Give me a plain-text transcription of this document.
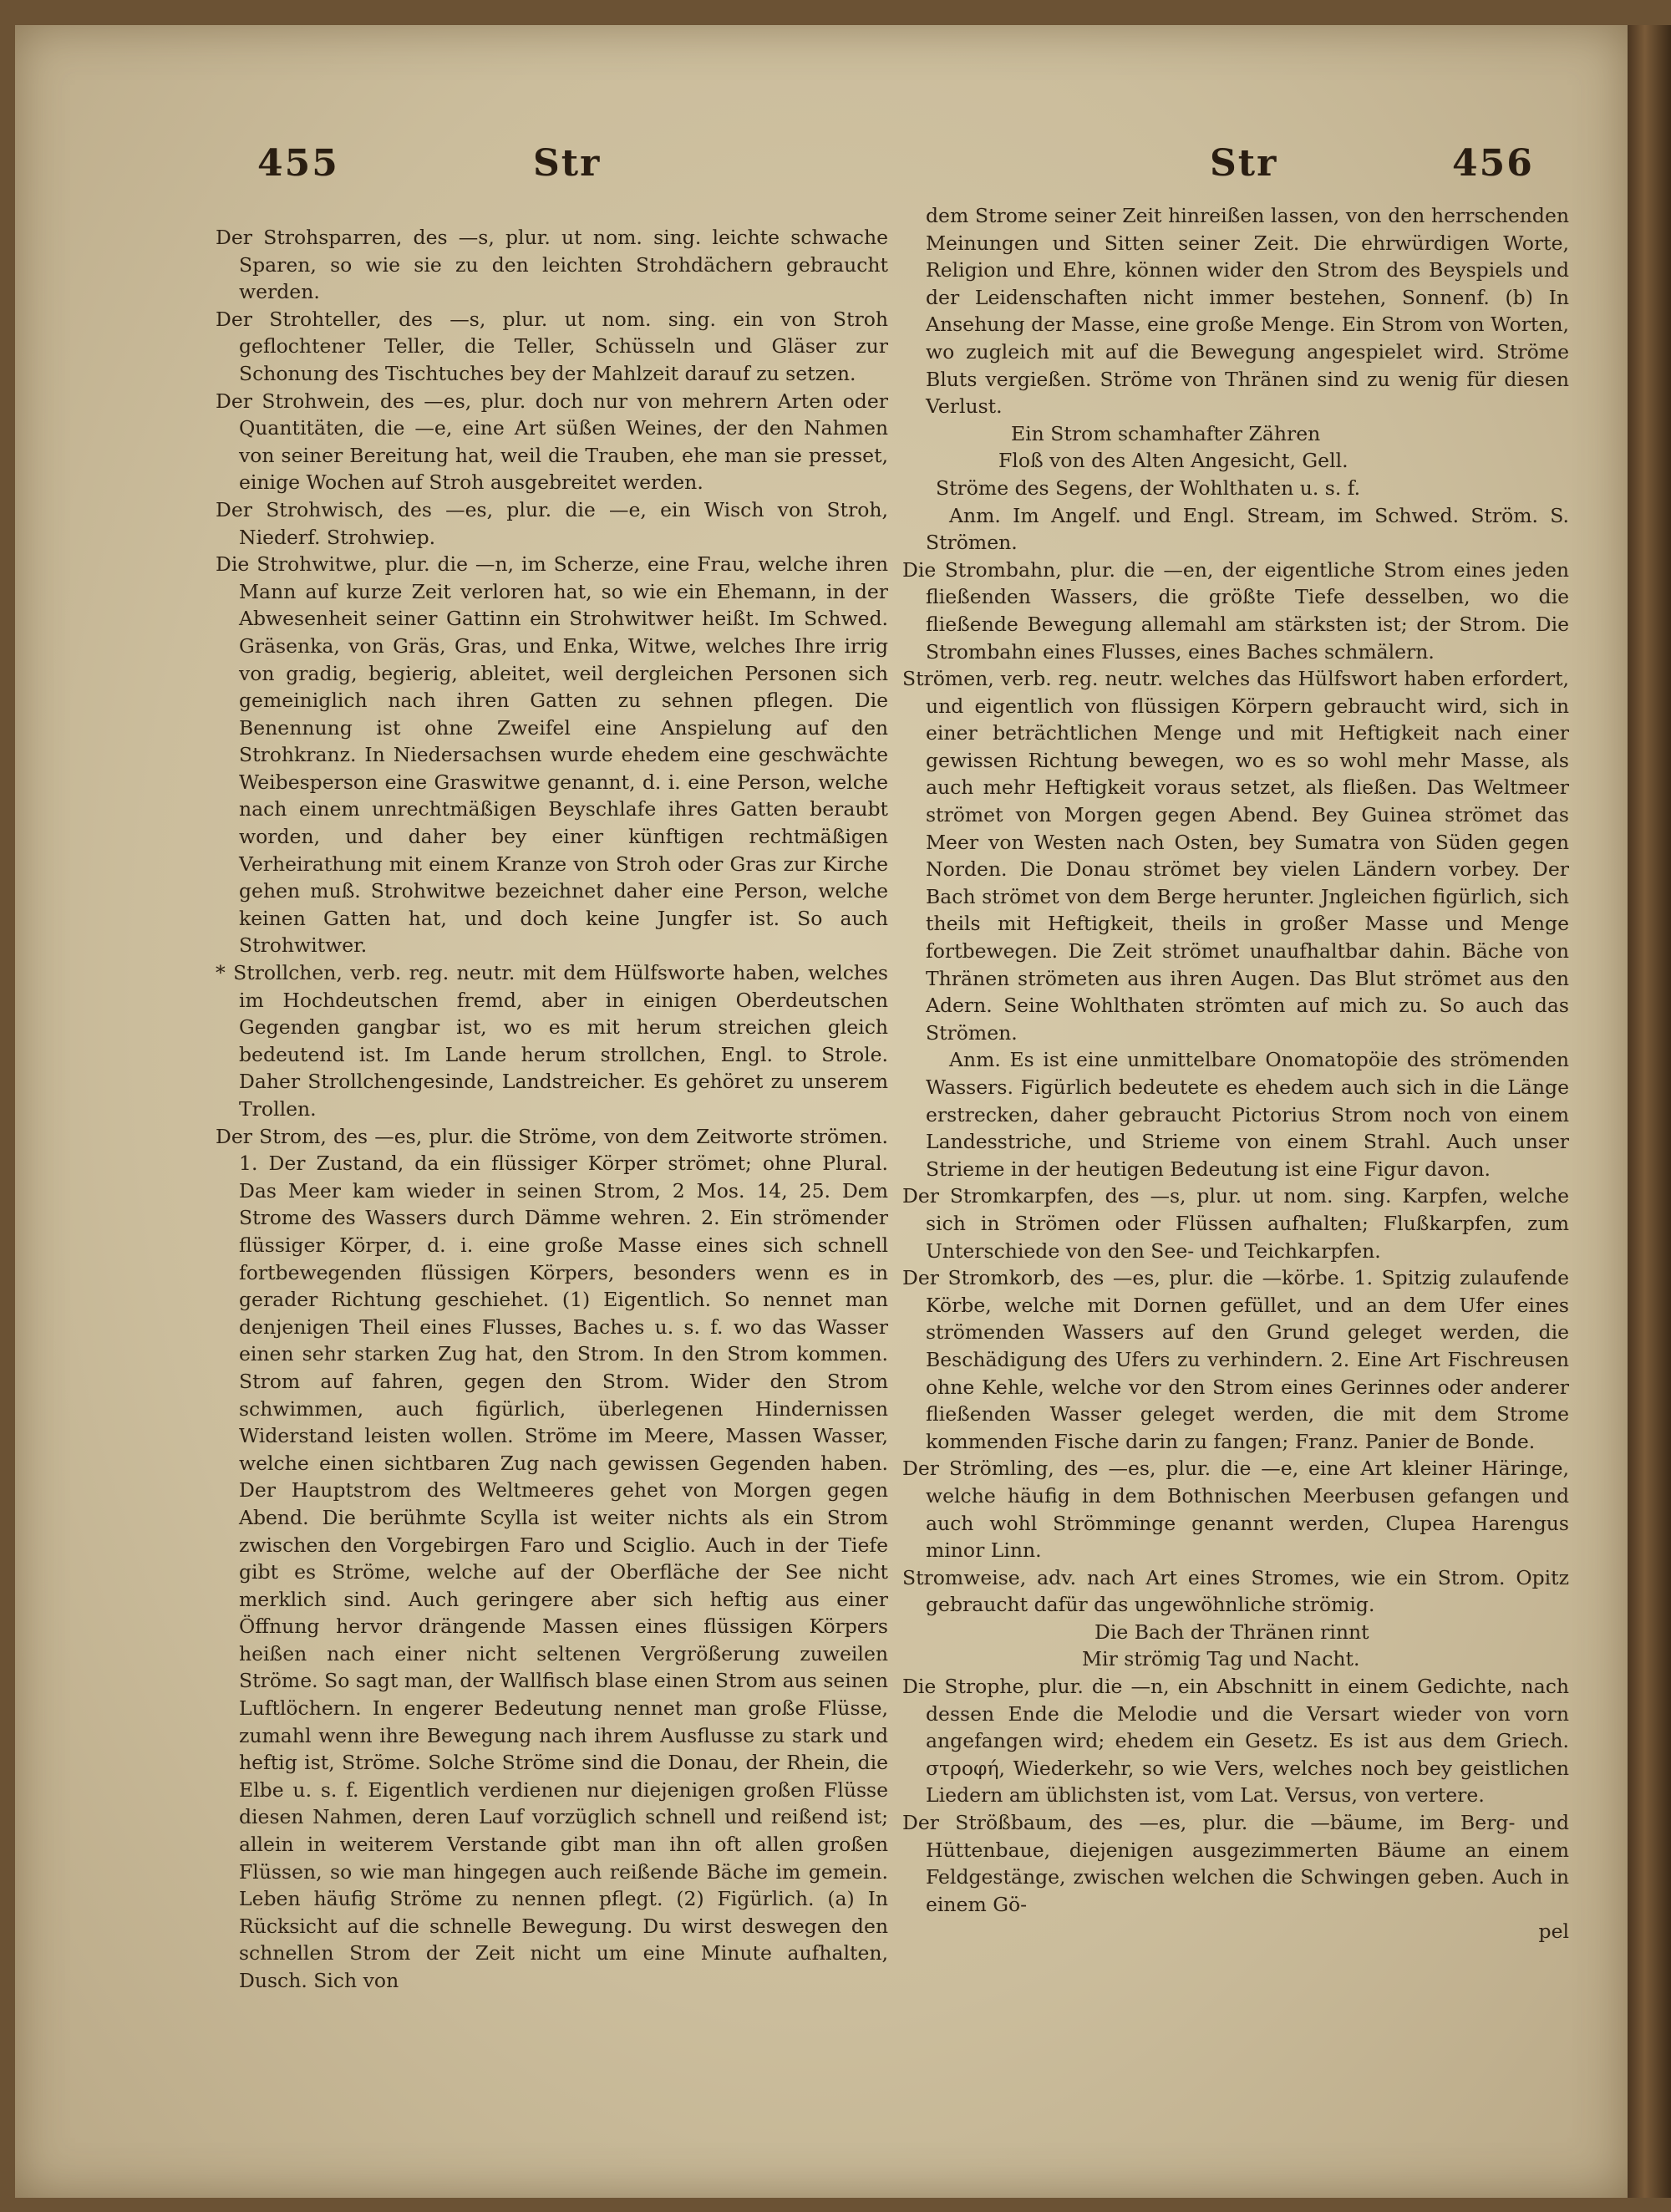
455	Str	Str	456

Der Strohsparren, des —s, plur. ut nom. sing. leichte schwache Sparen, so wie sie zu den leichten Strohdächern gebraucht werden.

Der Strohteller, des —s, plur. ut nom. sing. ein von Stroh geflochtener Teller, die Teller, Schüsseln und Gläser zur Schonung des Tischtuches bey der Mahlzeit darauf zu setzen.

Der Strohwein, des —es, plur. doch nur von mehrern Arten oder Quantitäten, die —e, eine Art süßen Weines, der den Nahmen von seiner Bereitung hat, weil die Trauben, ehe man sie presset, einige Wochen auf Stroh ausgebreitet werden.

Der Strohwisch, des —es, plur. die —e, ein Wisch von Stroh, Niederf. Strohwiep.

Die Strohwitwe, plur. die —n, im Scherze, eine Frau, welche ihren Mann auf kurze Zeit verloren hat, so wie ein Ehemann, in der Abwesenheit seiner Gattinn ein Strohwitwer heißt. Im Schwed. Gräsenka, von Gräs, Gras, und Enka, Witwe, welches Ihre irrig von gradig, begierig, ableitet, weil dergleichen Personen sich gemeiniglich nach ihren Gatten zu sehnen pflegen. Die Benennung ist ohne Zweifel eine Anspielung auf den Strohkranz. In Niedersachsen wurde ehedem eine geschwächte Weibesperson eine Graswitwe genannt, d. i. eine Person, welche nach einem unrechtmäßigen Beyschlafe ihres Gatten beraubt worden, und daher bey einer künftigen rechtmäßigen Verheirathung mit einem Kranze von Stroh oder Gras zur Kirche gehen muß. Strohwitwe bezeichnet daher eine Person, welche keinen Gatten hat, und doch keine Jungfer ist. So auch Strohwitwer.

* Strollchen, verb. reg. neutr. mit dem Hülfsworte haben, welches im Hochdeutschen fremd, aber in einigen Oberdeutschen Gegenden gangbar ist, wo es mit herum streichen gleich bedeutend ist. Im Lande herum strollchen, Engl. to Strole. Daher Strollchengesinde, Landstreicher. Es gehöret zu unserem Trollen.

Der Strom, des —es, plur. die Ströme, von dem Zeitworte strömen. 1. Der Zustand, da ein flüssiger Körper strömet; ohne Plural. Das Meer kam wieder in seinen Strom, 2 Mos. 14, 25. Dem Strome des Wassers durch Dämme wehren. 2. Ein strömender flüssiger Körper, d. i. eine große Masse eines sich schnell fortbewegenden flüssigen Körpers, besonders wenn es in gerader Richtung geschiehet. (1) Eigentlich. So nennet man denjenigen Theil eines Flusses, Baches u. s. f. wo das Wasser einen sehr starken Zug hat, den Strom. In den Strom kommen. Strom auf fahren, gegen den Strom. Wider den Strom schwimmen, auch figürlich, überlegenen Hindernissen Widerstand leisten wollen. Ströme im Meere, Massen Wasser, welche einen sichtbaren Zug nach gewissen Gegenden haben. Der Hauptstrom des Weltmeeres gehet von Morgen gegen Abend. Die berühmte Scylla ist weiter nichts als ein Strom zwischen den Vorgebirgen Faro und Sciglio. Auch in der Tiefe gibt es Ströme, welche auf der Oberfläche der See nicht merklich sind. Auch geringere aber sich heftig aus einer Öffnung hervor drängende Massen eines flüssigen Körpers heißen nach einer nicht seltenen Vergrößerung zuweilen Ströme. So sagt man, der Wallfisch blase einen Strom aus seinen Luftlöchern. In engerer Bedeutung nennet man große Flüsse, zumahl wenn ihre Bewegung nach ihrem Ausflusse zu stark und heftig ist, Ströme. Solche Ströme sind die Donau, der Rhein, die Elbe u. s. f. Eigentlich verdienen nur diejenigen großen Flüsse diesen Nahmen, deren Lauf vorzüglich schnell und reißend ist; allein in weiterem Verstande gibt man ihn oft allen großen Flüssen, so wie man hingegen auch reißende Bäche im gemein. Leben häufig Ströme zu nennen pflegt. (2) Figürlich. (a) In Rücksicht auf die schnelle Bewegung. Du wirst deswegen den schnellen Strom der Zeit nicht um eine Minute aufhalten, Dusch. Sich von

dem Strome seiner Zeit hinreißen lassen, von den herrschenden Meinungen und Sitten seiner Zeit. Die ehrwürdigen Worte, Religion und Ehre, können wider den Strom des Beyspiels und der Leidenschaften nicht immer bestehen, Sonnenf. (b) In Ansehung der Masse, eine große Menge. Ein Strom von Worten, wo zugleich mit auf die Bewegung angespielet wird. Ströme Bluts vergießen. Ströme von Thränen sind zu wenig für diesen Verlust.

Ein Strom schamhafter Zähren

Floß von des Alten Angesicht, Gell.

Ströme des Segens, der Wohlthaten u. s. f.

Anm. Im Angelf. und Engl. Stream, im Schwed. Ström. S. Strömen.

Die Strombahn, plur. die —en, der eigentliche Strom eines jeden fließenden Wassers, die größte Tiefe desselben, wo die fließende Bewegung allemahl am stärksten ist; der Strom. Die Strombahn eines Flusses, eines Baches schmälern.

Strömen, verb. reg. neutr. welches das Hülfswort haben erfordert, und eigentlich von flüssigen Körpern gebraucht wird, sich in einer beträchtlichen Menge und mit Heftigkeit nach einer gewissen Richtung bewegen, wo es so wohl mehr Masse, als auch mehr Heftigkeit voraus setzet, als fließen. Das Weltmeer strömet von Morgen gegen Abend. Bey Guinea strömet das Meer von Westen nach Osten, bey Sumatra von Süden gegen Norden. Die Donau strömet bey vielen Ländern vorbey. Der Bach strömet von dem Berge herunter. Jngleichen figürlich, sich theils mit Heftigkeit, theils in großer Masse und Menge fortbewegen. Die Zeit strömet unaufhaltbar dahin. Bäche von Thränen strömeten aus ihren Augen. Das Blut strömet aus den Adern. Seine Wohlthaten strömten auf mich zu. So auch das Strömen.

Anm. Es ist eine unmittelbare Onomatopöie des strömenden Wassers. Figürlich bedeutete es ehedem auch sich in die Länge erstrecken, daher gebraucht Pictorius Strom noch von einem Landesstriche, und Strieme von einem Strahl. Auch unser Strieme in der heutigen Bedeutung ist eine Figur davon.

Der Stromkarpfen, des —s, plur. ut nom. sing. Karpfen, welche sich in Strömen oder Flüssen aufhalten; Flußkarpfen, zum Unterschiede von den See- und Teichkarpfen.

Der Stromkorb, des —es, plur. die —körbe. 1. Spitzig zulaufende Körbe, welche mit Dornen gefüllet, und an dem Ufer eines strömenden Wassers auf den Grund geleget werden, die Beschädigung des Ufers zu verhindern. 2. Eine Art Fischreusen ohne Kehle, welche vor den Strom eines Gerinnes oder anderer fließenden Wasser geleget werden, die mit dem Strome kommenden Fische darin zu fangen; Franz. Panier de Bonde.

Der Strömling, des —es, plur. die —e, eine Art kleiner Häringe, welche häufig in dem Bothnischen Meerbusen gefangen und auch wohl Strömminge genannt werden, Clupea Harengus minor Linn.

Stromweise, adv. nach Art eines Stromes, wie ein Strom. Opitz gebraucht dafür das ungewöhnliche strömig.

Die Bach der Thränen rinnt

Mir strömig Tag und Nacht.

Die Strophe, plur. die —n, ein Abschnitt in einem Gedichte, nach dessen Ende die Melodie und die Versart wieder von vorn angefangen wird; ehedem ein Gesetz. Es ist aus dem Griech. στροφή, Wiederkehr, so wie Vers, welches noch bey geistlichen Liedern am üblichsten ist, vom Lat. Versus, von vertere.

Der Strößbaum, des —es, plur. die —bäume, im Berg- und Hüttenbaue, diejenigen ausgezimmerten Bäume an einem Feldgestänge, zwischen welchen die Schwingen geben. Auch in einem Gö-

pel
